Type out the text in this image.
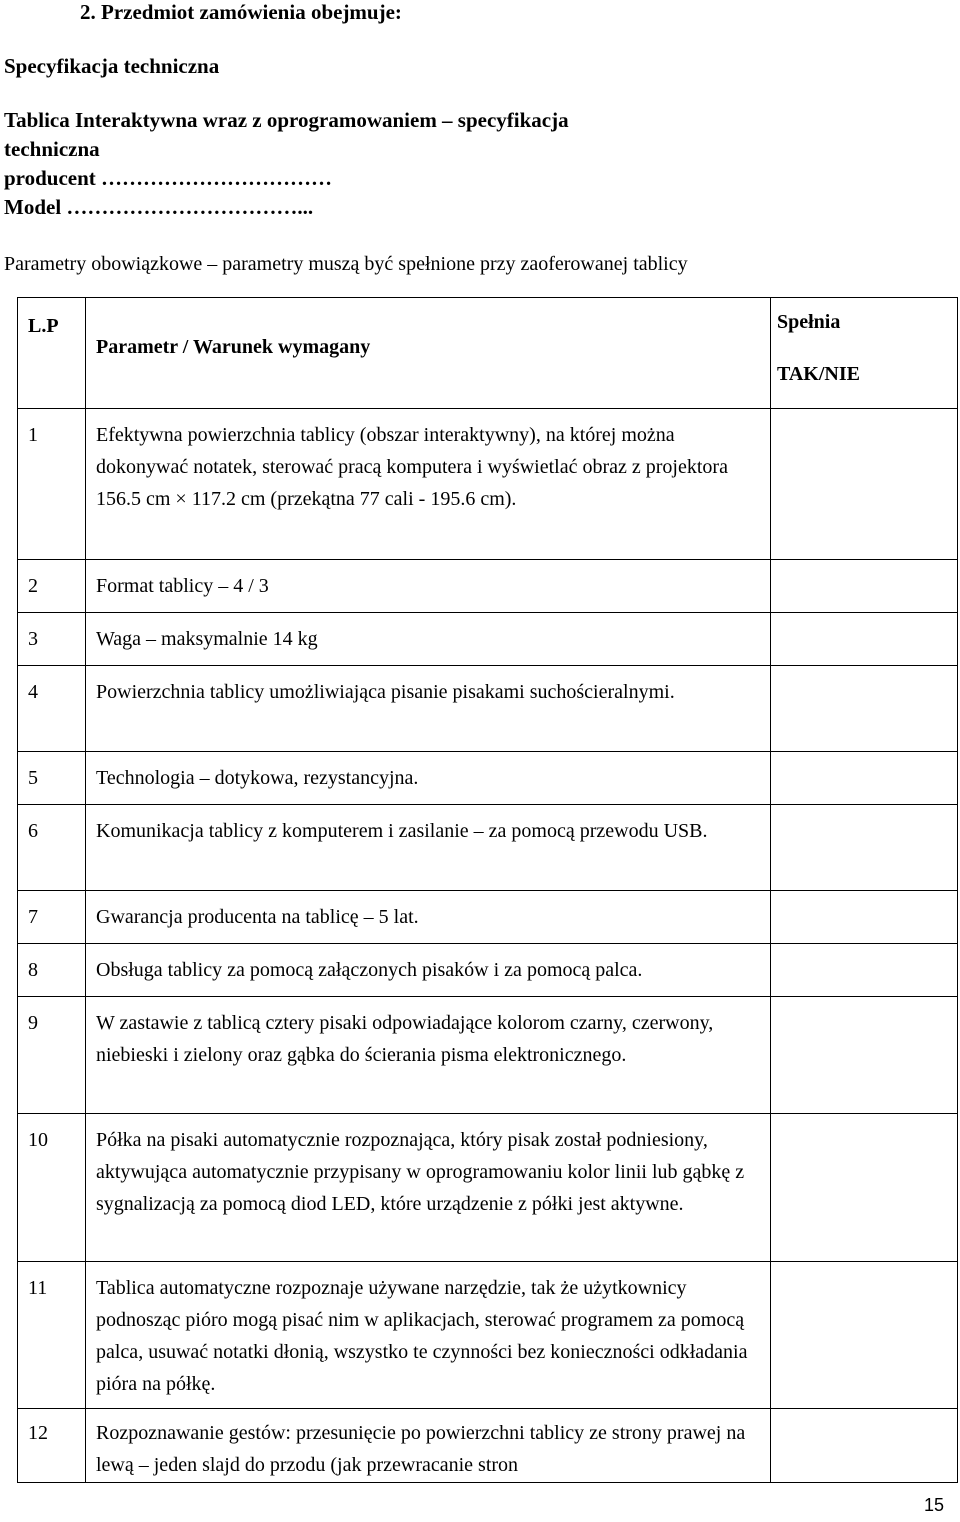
2. Przedmiot zamówienia obejmuje:
Specyfikacja techniczna
Tablica Interaktywna wraz z oprogramowaniem – specyfikacja
techniczna
producent ……………………………
Model ……………………………...
Parametry obowiązkowe – parametry muszą być spełnione przy zaoferowanej tablicy
L.P	Parametr / Warunek wymagany	Spełnia
TAK/NIE

1	Efektywna powierzchnia tablicy (obszar interaktywny), na której można dokonywać notatek, sterować pracą komputera i wyświetlać obraz z projektora 156.5 cm × 117.2 cm (przekątna 77 cali - 195.6 cm).	
2	Format tablicy – 4 / 3	
3	Waga – maksymalnie 14 kg	
4	Powierzchnia tablicy umożliwiająca pisanie pisakami suchościeralnymi.	
5	Technologia – dotykowa, rezystancyjna.	
6	Komunikacja tablicy z komputerem i zasilanie – za pomocą przewodu USB.	
7	Gwarancja producenta na tablicę – 5 lat.	
8	Obsługa tablicy za pomocą załączonych pisaków i za pomocą palca.	
9	W zastawie z tablicą cztery pisaki odpowiadające kolorom czarny, czerwony, niebieski i zielony oraz gąbka do ścierania pisma elektronicznego.	
10	Półka na pisaki automatycznie rozpoznająca, który pisak został podniesiony, aktywująca automatycznie przypisany w oprogramowaniu kolor linii lub gąbkę z sygnalizacją za pomocą diod LED, które urządzenie z półki jest aktywne.	
11	Tablica automatyczne rozpoznaje używane narzędzie, tak że użytkownicy podnosząc pióro mogą pisać nim w aplikacjach, sterować programem za pomocą palca, usuwać notatki dłonią, wszystko te czynności bez konieczności odkładania pióra na półkę.	
12	Rozpoznawanie gestów: przesunięcie po powierzchni tablicy ze strony prawej na lewą – jeden slajd do przodu (jak przewracanie stron	
15
